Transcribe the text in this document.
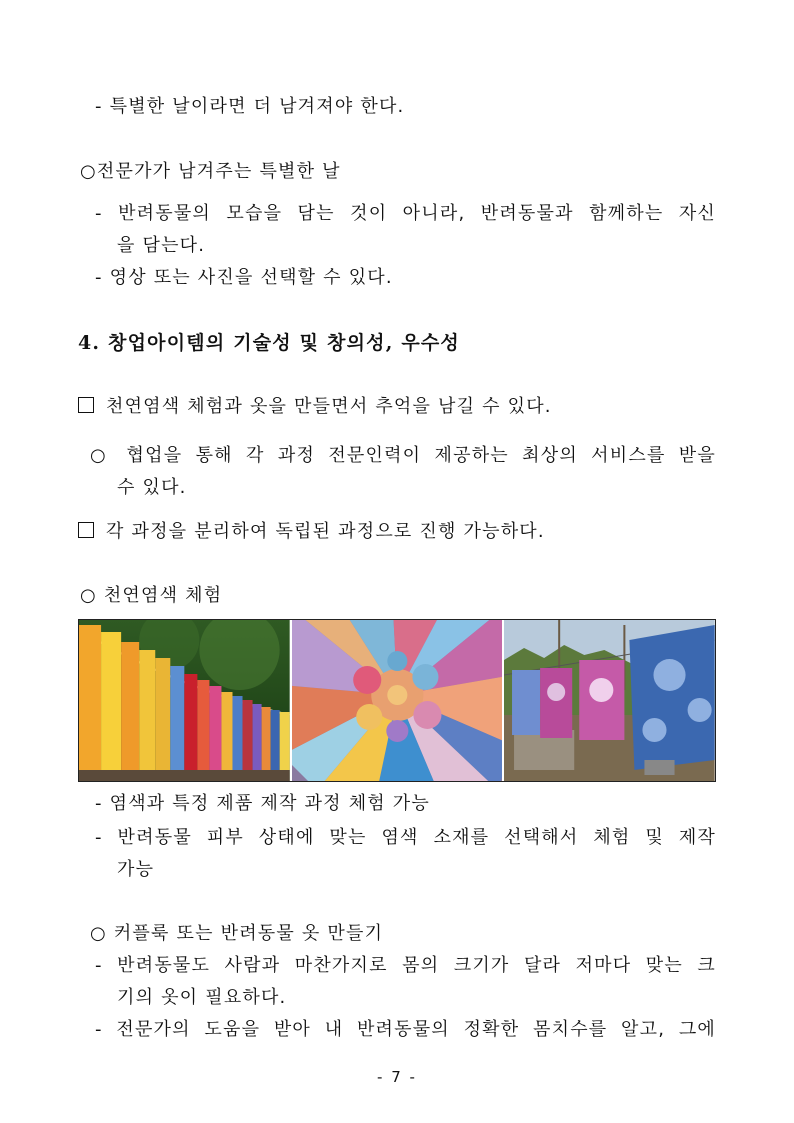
- 특별한 날이라면 더 남겨져야 한다.
○전문가가 남겨주는 특별한 날
- 반려동물의 모습을 담는 것이 아니라, 반려동물과 함께하는 자신
을 담는다.
- 영상 또는 사진을 선택할 수 있다.
4. 창업아이템의 기술성 및 창의성, 우수성
천연염색 체험과 옷을 만들면서 추억을 남길 수 있다.
○ 협업을 통해 각 과정 전문인력이 제공하는 최상의 서비스를 받을
수 있다.
각 과정을 분리하여 독립된 과정으로 진행 가능하다.
○ 천연염색 체험
- 염색과 특정 제품 제작 과정 체험 가능
- 반려동물 피부 상태에 맞는 염색 소재를 선택해서 체험 및 제작
가능
○ 커플룩 또는 반려동물 옷 만들기
- 반려동물도 사람과 마찬가지로 몸의 크기가 달라 저마다 맞는 크
기의 옷이 필요하다.
- 전문가의 도움을 받아 내 반려동물의 정확한 몸치수를 알고, 그에
- 7 -
